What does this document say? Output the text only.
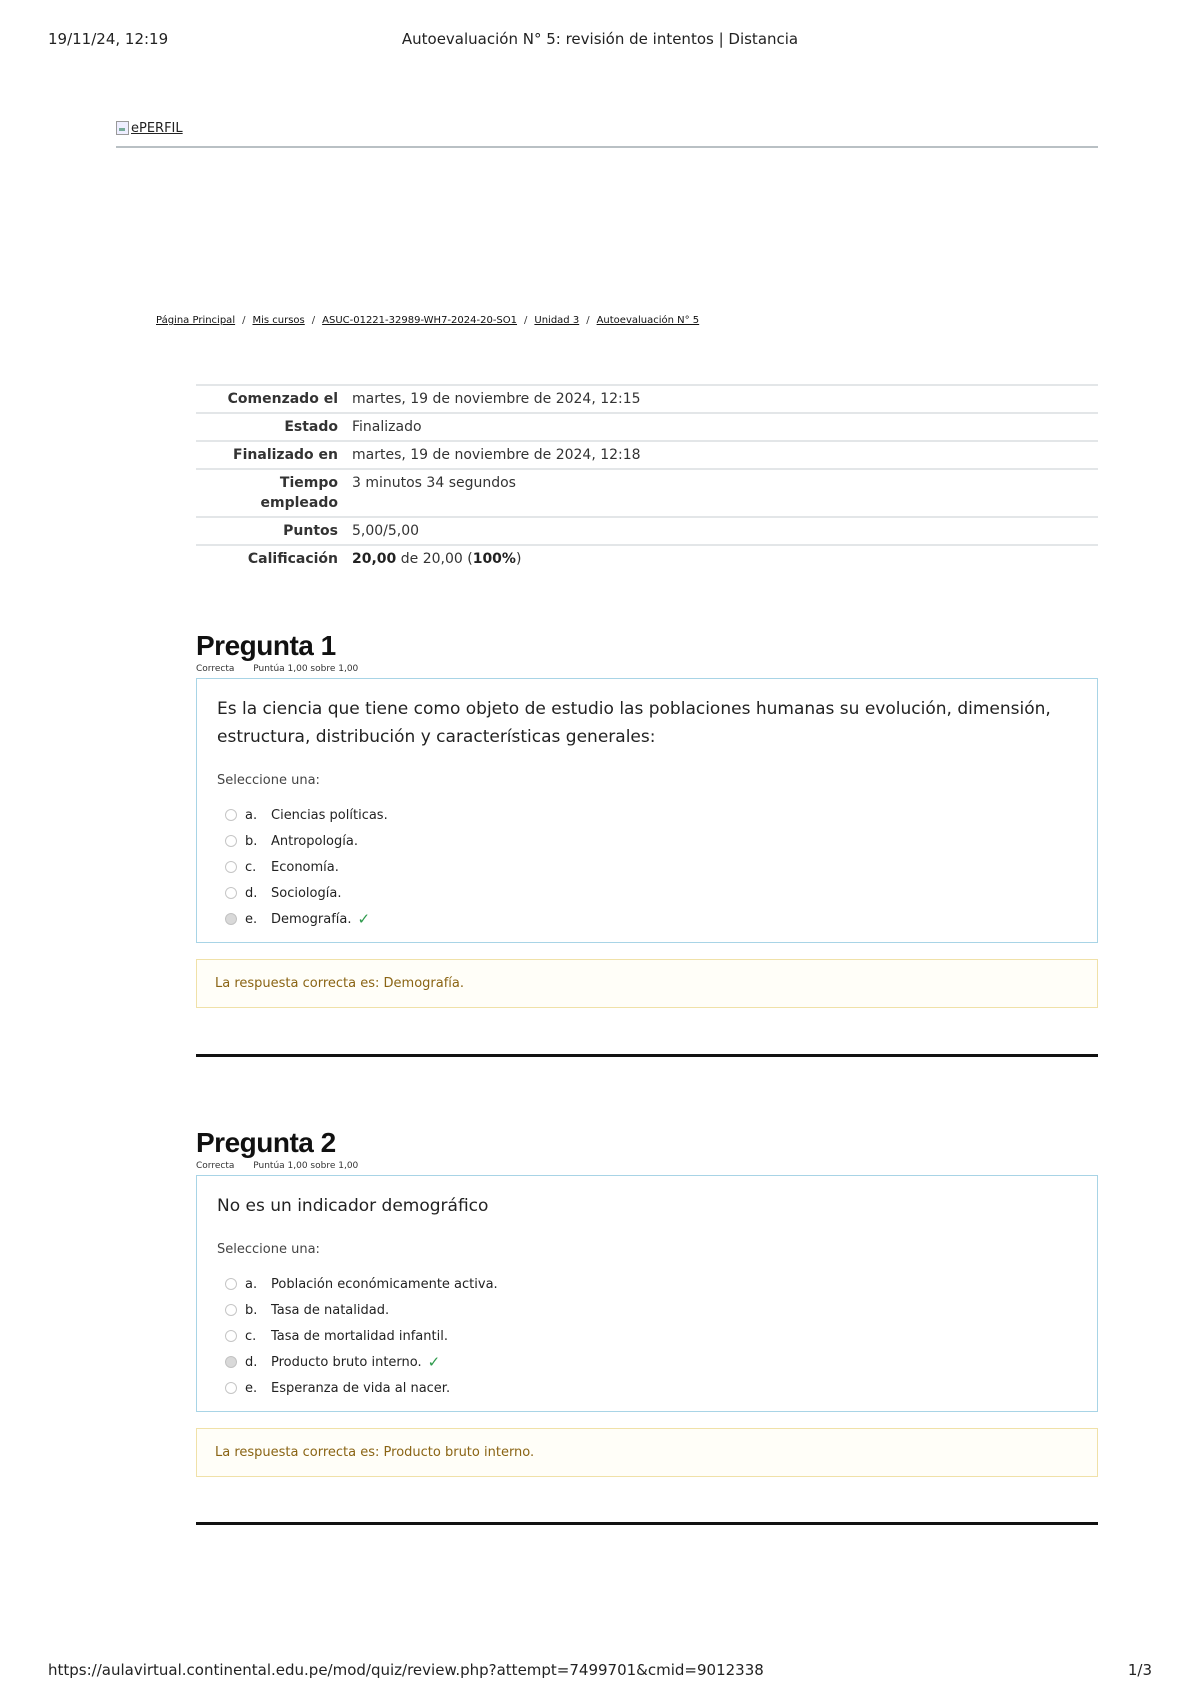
19/11/24, 12:19	Autoevaluación N° 5: revisión de intentos | Distancia
ePERFIL
Página Principal / Mis cursos / ASUC-01221-32989-WH7-2024-20-SO1 / Unidad 3 / Autoevaluación N° 5
Comenzado el	martes, 19 de noviembre de 2024, 12:15
Estado	Finalizado
Finalizado en	martes, 19 de noviembre de 2024, 12:18
Tiempo empleado	3 minutos 34 segundos
Puntos	5,00/5,00
Calificación	20,00 de 20,00 (100%)
Pregunta 1
Correcta Puntúa 1,00 sobre 1,00

Es la ciencia que tiene como objeto de estudio las poblaciones humanas su evolución, dimensión, estructura, distribución y características generales:

Seleccione una:
a.	Ciencias políticas.
b.	Antropología.
c.	Economía.
d.	Sociología.
e.	Demografía. ✓
La respuesta correcta es: Demografía.
Pregunta 2
Correcta Puntúa 1,00 sobre 1,00

No es un indicador demográfico

Seleccione una:
a.	Población económicamente activa.
b.	Tasa de natalidad.
c.	Tasa de mortalidad infantil.
d.	Producto bruto interno. ✓
e.	Esperanza de vida al nacer.
La respuesta correcta es: Producto bruto interno.
https://aulavirtual.continental.edu.pe/mod/quiz/review.php?attempt=7499701&cmid=9012338	1/3
